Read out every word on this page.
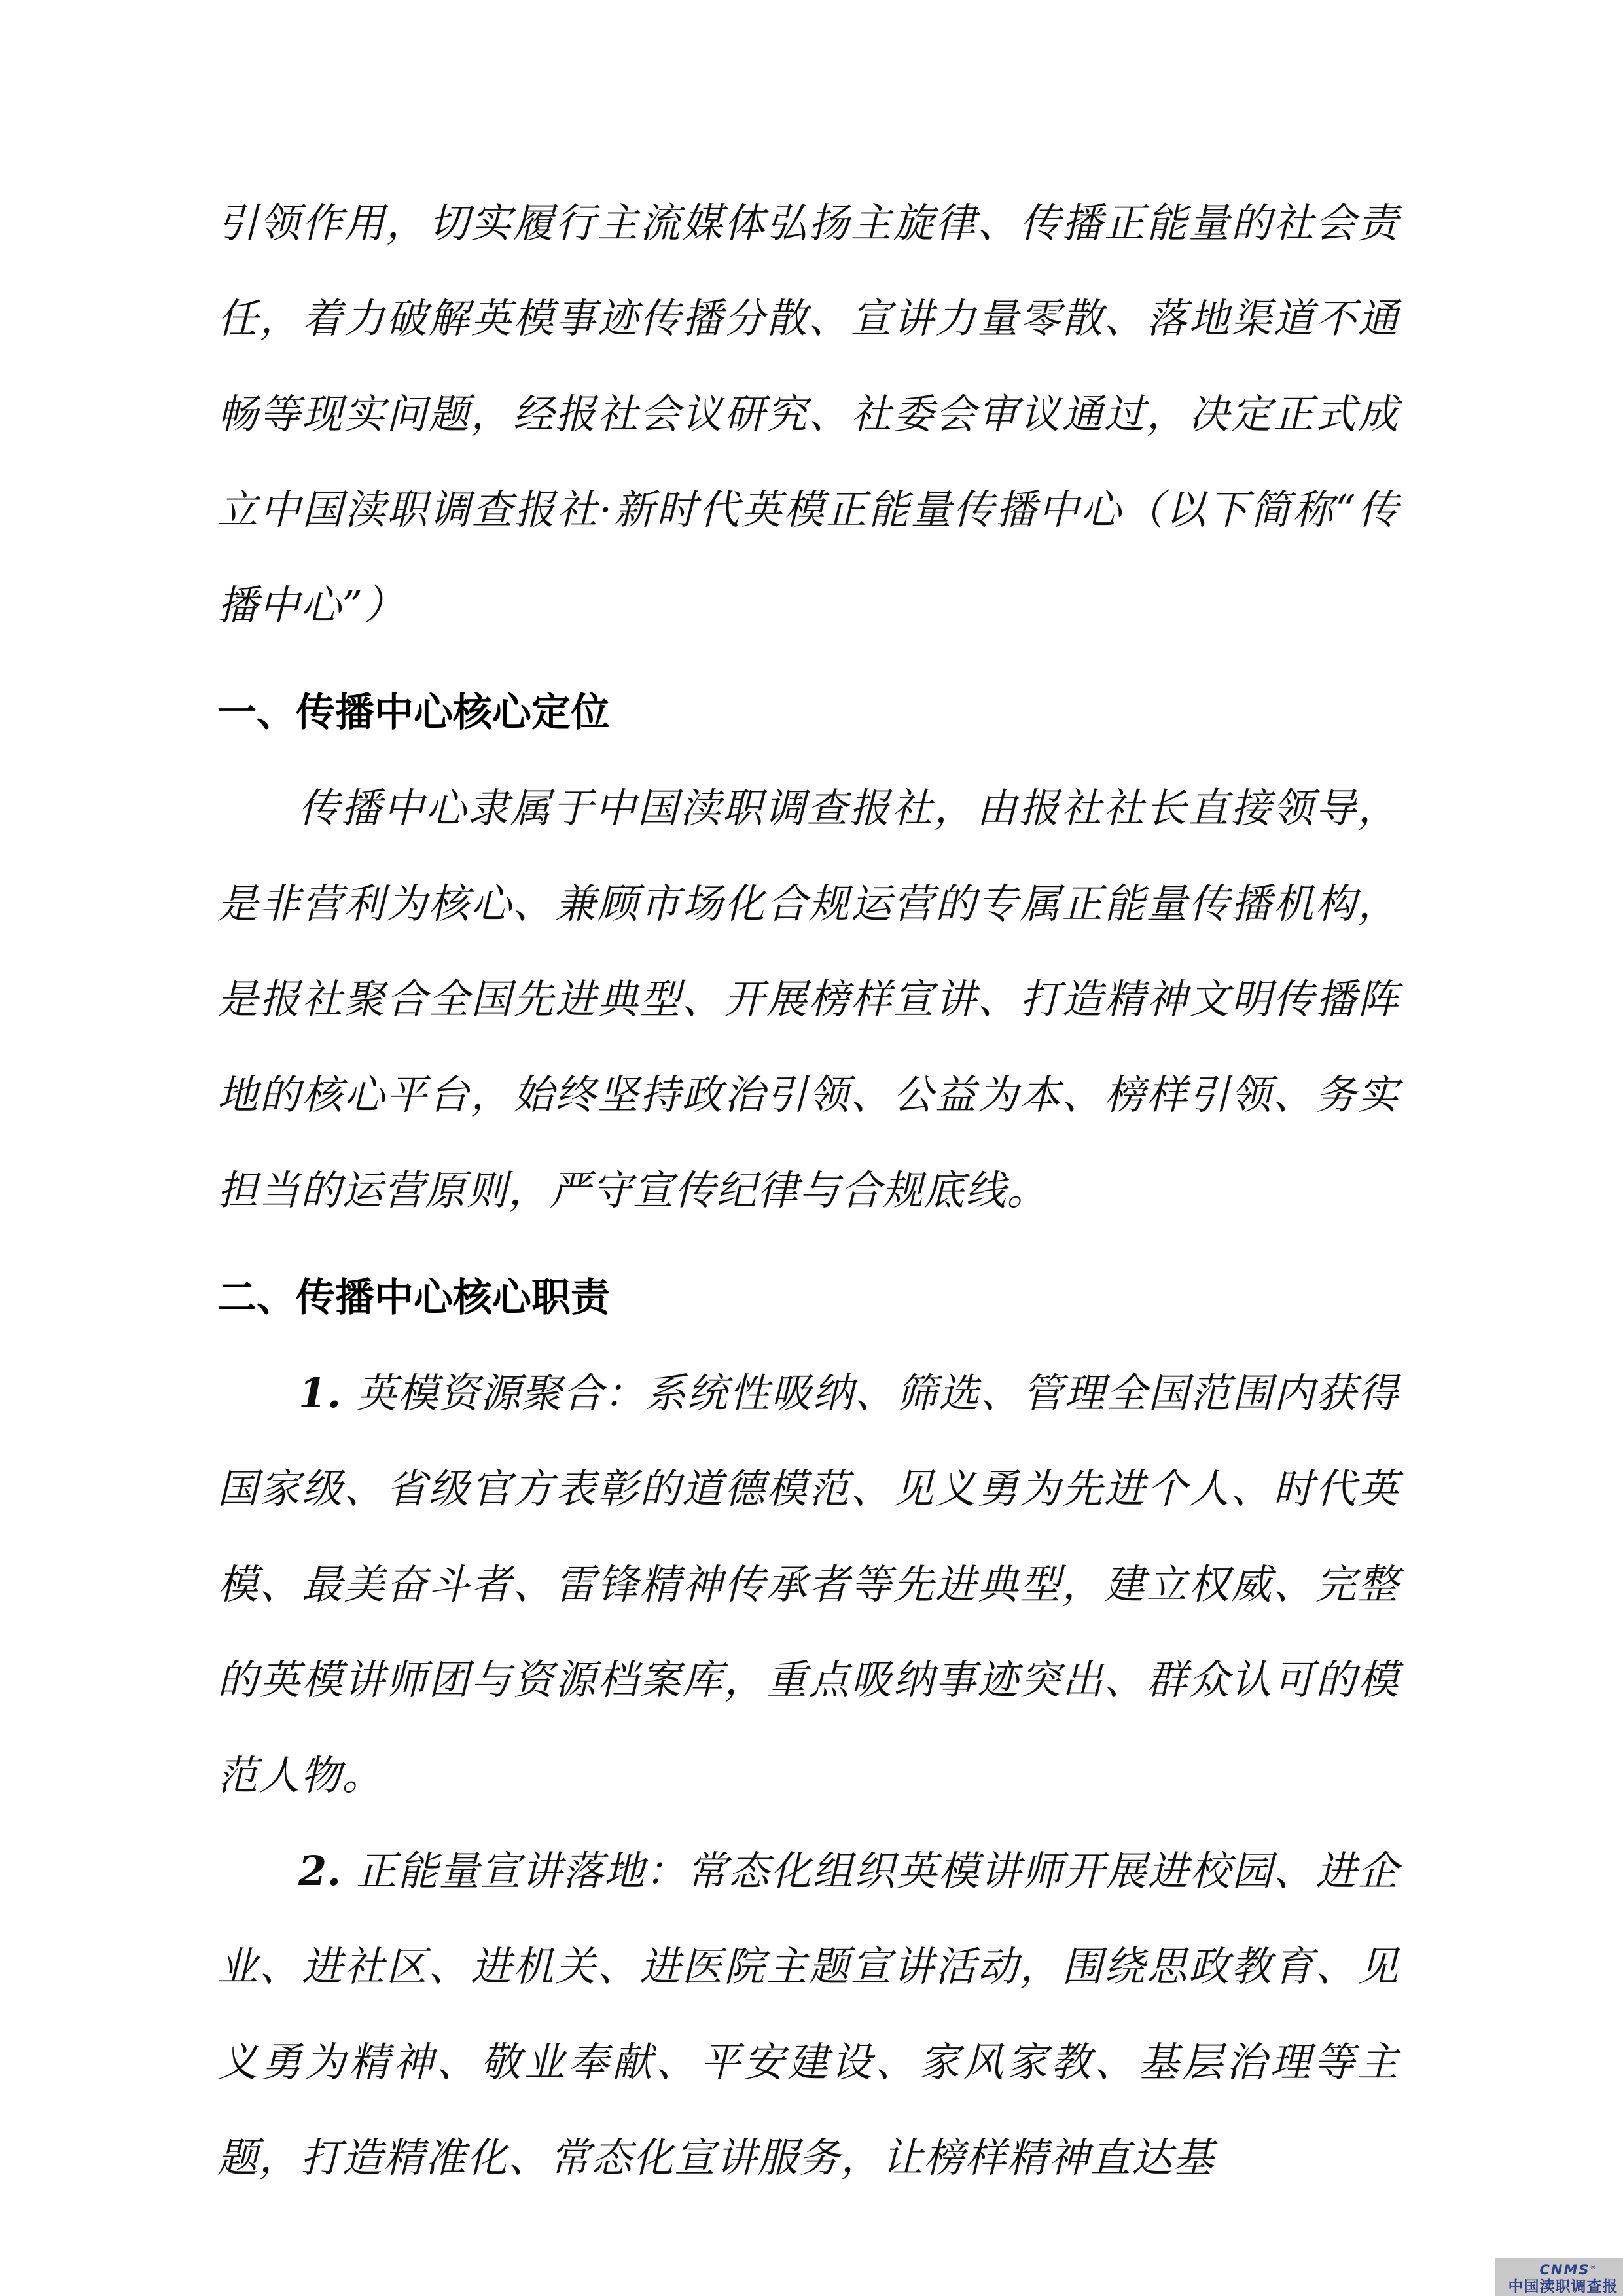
引领作用，切实履行主流媒体弘扬主旋律、传播正能量的社会责任，着力破解英模事迹传播分散、宣讲力量零散、落地渠道不通畅等现实问题，经报社会议研究、社委会审议通过，决定正式成立中国渎职调查报社·新时代英模正能量传播中心（以下简称“传播中心”）

一、传播中心核心定位

传播中心隶属于中国渎职调查报社，由报社社长直接领导，是非营利为核心、兼顾市场化合规运营的专属正能量传播机构，是报社聚合全国先进典型、开展榜样宣讲、打造精神文明传播阵地的核心平台，始终坚持政治引领、公益为本、榜样引领、务实担当的运营原则，严守宣传纪律与合规底线。

二、传播中心核心职责

1. 英模资源聚合：系统性吸纳、筛选、管理全国范围内获得国家级、省级官方表彰的道德模范、见义勇为先进个人、时代英模、最美奋斗者、雷锋精神传承者等先进典型，建立权威、完整的英模讲师团与资源档案库，重点吸纳事迹突出、群众认可的模范人物。

2. 正能量宣讲落地：常态化组织英模讲师开展进校园、进企业、进社区、进机关、进医院主题宣讲活动，围绕思政教育、见义勇为精神、敬业奉献、平安建设、家风家教、基层治理等主题，打造精准化、常态化宣讲服务，让榜样精神直达基

CNMS®
中国渎职调查报
